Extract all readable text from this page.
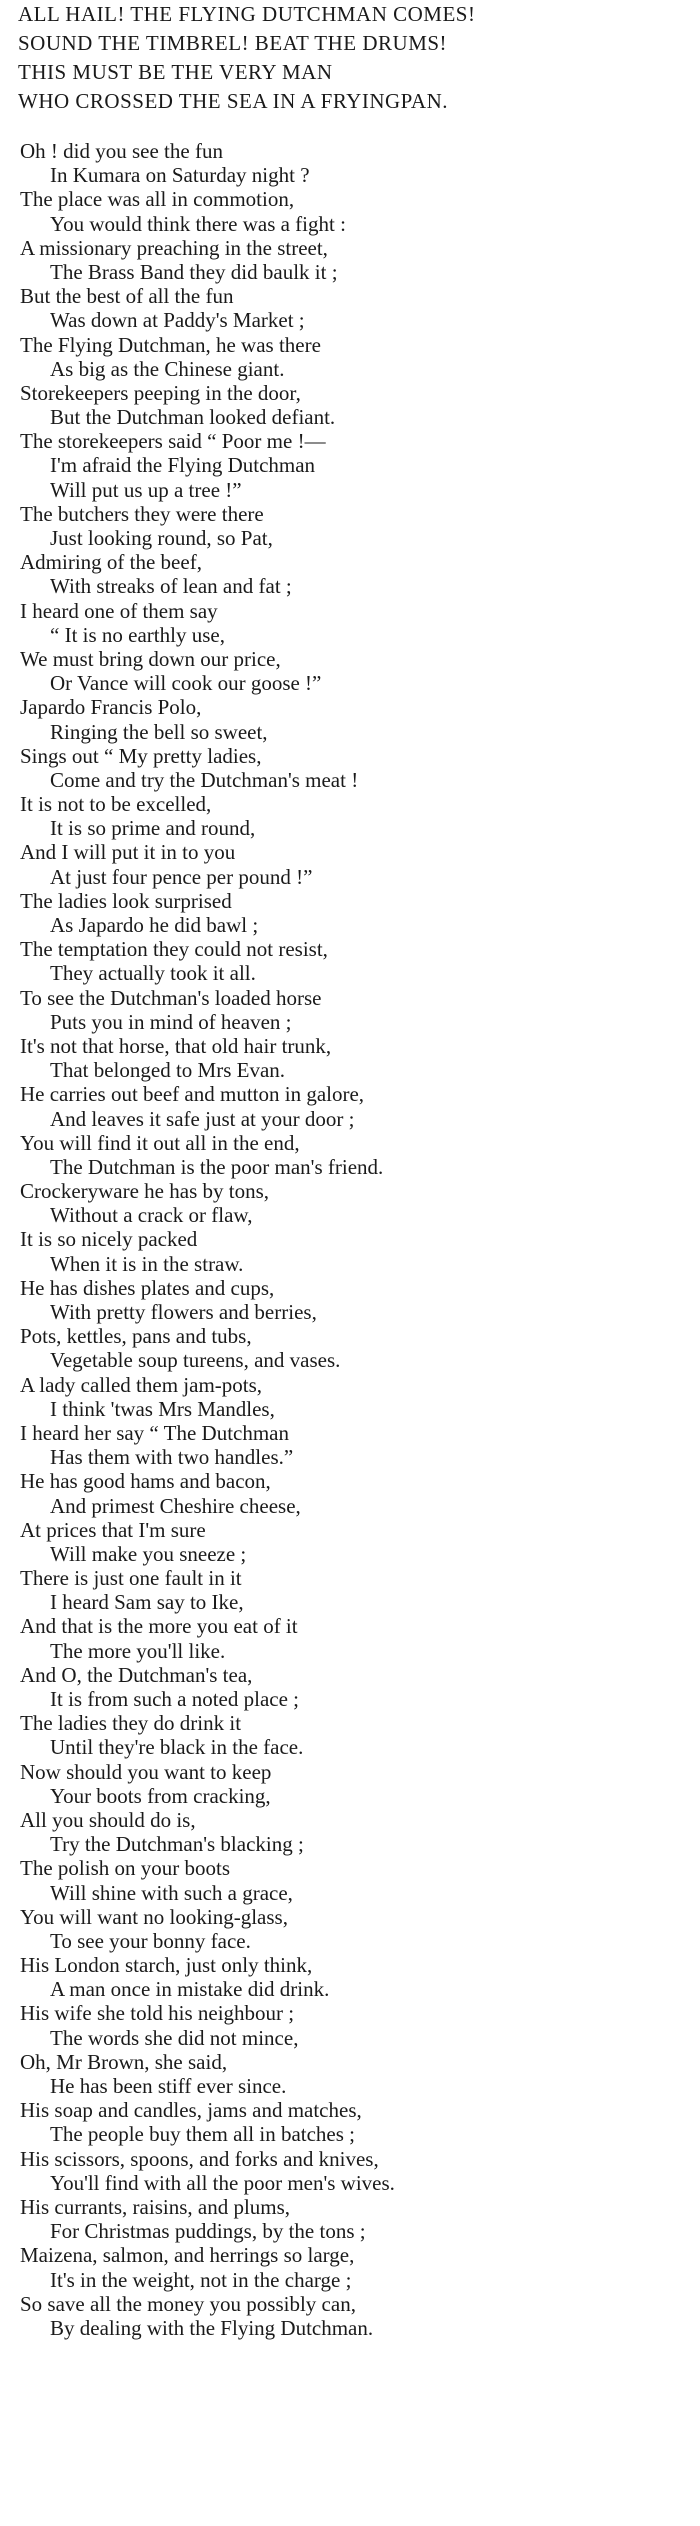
ALL HAIL! THE FLYING DUTCHMAN COMES!
SOUND THE TIMBREL! BEAT THE DRUMS!
THIS MUST BE THE VERY MAN
WHO CROSSED THE SEA IN A FRYINGPAN.
Oh ! did you see the fun
In Kumara on Saturday night ?
The place was all in commotion,
You would think there was a fight :
A missionary preaching in the street,
The Brass Band they did baulk it ;
But the best of all the fun
Was down at Paddy's Market ;
The Flying Dutchman, he was there
As big as the Chinese giant.
Storekeepers peeping in the door,
But the Dutchman looked defiant.
The storekeepers said “ Poor me !—
I'm afraid the Flying Dutchman
Will put us up a tree !”
The butchers they were there
Just looking round, so Pat,
Admiring of the beef,
With streaks of lean and fat ;
I heard one of them say
“ It is no earthly use,
We must bring down our price,
Or Vance will cook our goose !”
Japardo Francis Polo,
Ringing the bell so sweet,
Sings out “ My pretty ladies,
Come and try the Dutchman's meat !
It is not to be excelled,
It is so prime and round,
And I will put it in to you
At just four pence per pound !”
The ladies look surprised
As Japardo he did bawl ;
The temptation they could not resist,
They actually took it all.
To see the Dutchman's loaded horse
Puts you in mind of heaven ;
It's not that horse, that old hair trunk,
That belonged to Mrs Evan.
He carries out beef and mutton in galore,
And leaves it safe just at your door ;
You will find it out all in the end,
The Dutchman is the poor man's friend.
Crockeryware he has by tons,
Without a crack or flaw,
It is so nicely packed
When it is in the straw.
He has dishes plates and cups,
With pretty flowers and berries,
Pots, kettles, pans and tubs,
Vegetable soup tureens, and vases.
A lady called them jam-pots,
I think 'twas Mrs Mandles,
I heard her say “ The Dutchman
Has them with two handles.”
He has good hams and bacon,
And primest Cheshire cheese,
At prices that I'm sure
Will make you sneeze ;
There is just one fault in it
I heard Sam say to Ike,
And that is the more you eat of it
The more you'll like.
And O, the Dutchman's tea,
It is from such a noted place ;
The ladies they do drink it
Until they're black in the face.
Now should you want to keep
Your boots from cracking,
All you should do is,
Try the Dutchman's blacking ;
The polish on your boots
Will shine with such a grace,
You will want no looking-glass,
To see your bonny face.
His London starch, just only think,
A man once in mistake did drink.
His wife she told his neighbour ;
The words she did not mince,
Oh, Mr Brown, she said,
He has been stiff ever since.
His soap and candles, jams and matches,
The people buy them all in batches ;
His scissors, spoons, and forks and knives,
You'll find with all the poor men's wives.
His currants, raisins, and plums,
For Christmas puddings, by the tons ;
Maizena, salmon, and herrings so large,
It's in the weight, not in the charge ;
So save all the money you possibly can,
By dealing with the Flying Dutchman.
